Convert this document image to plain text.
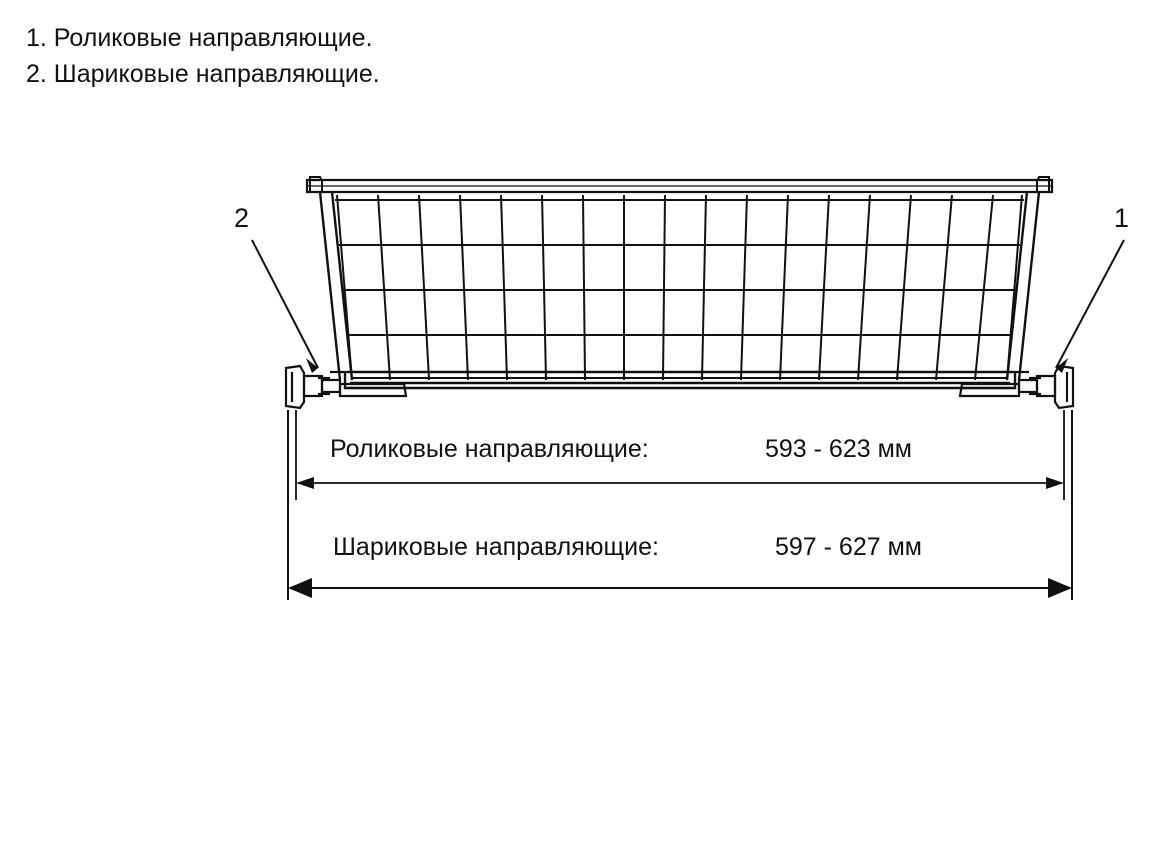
1. Роликовые направляющие.
2. Шариковые направляющие.
2	1
Роликовые направляющие:	593 - 623 мм
Шариковые направляющие:	597 - 627 мм
